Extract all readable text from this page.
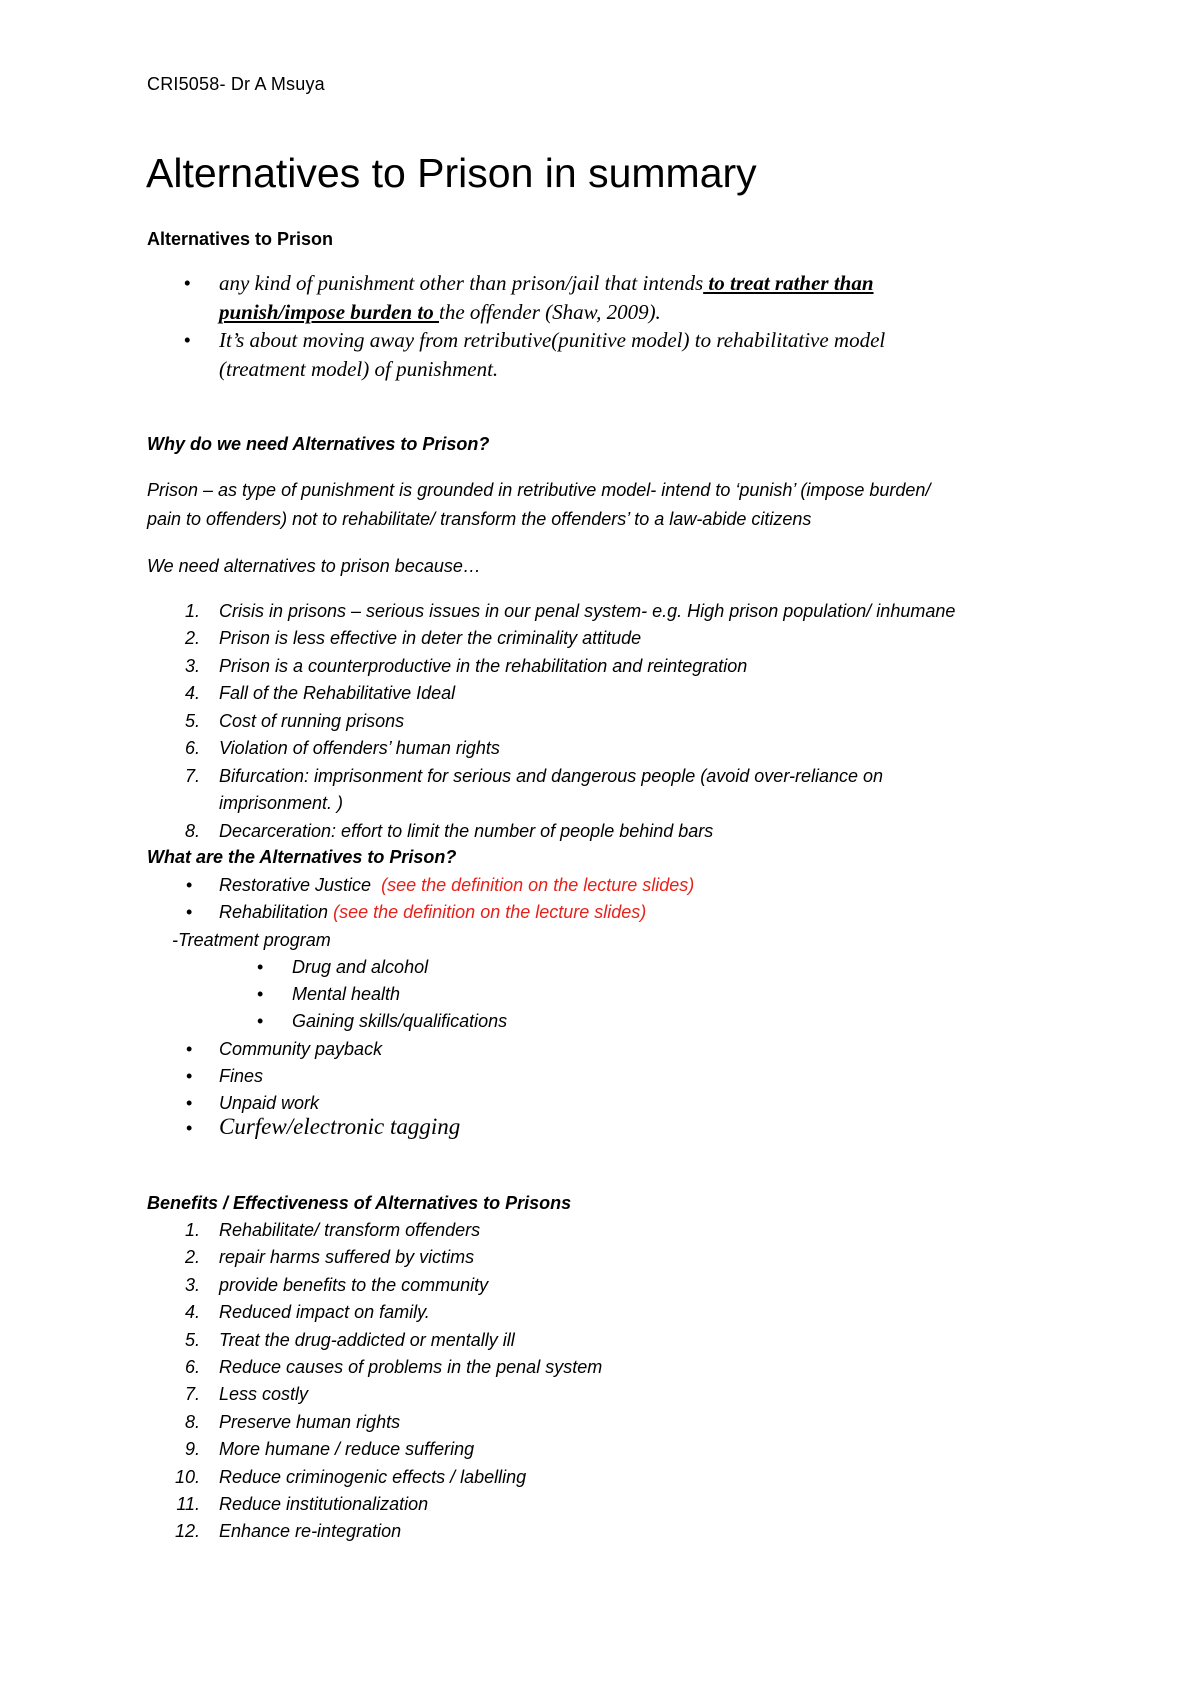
CRI5058- Dr A Msuya
Alternatives to Prison in summary
Alternatives to Prison
• any kind of punishment other than prison/jail that intends to treat rather than
punish/impose burden to the offender (Shaw, 2009).
• It’s about moving away from retributive(punitive model) to rehabilitative model
(treatment model) of punishment.
Why do we need Alternatives to Prison?
Prison – as type of punishment is grounded in retributive model- intend to ‘punish’ (impose burden/
pain to offenders) not to rehabilitate/ transform the offenders’ to a law-abide citizens
We need alternatives to prison because…
1. Crisis in prisons – serious issues in our penal system- e.g. High prison population/ inhumane
2. Prison is less effective in deter the criminality attitude
3. Prison is a counterproductive in the rehabilitation and reintegration
4. Fall of the Rehabilitative Ideal
5. Cost of running prisons
6. Violation of offenders’ human rights
7. Bifurcation: imprisonment for serious and dangerous people (avoid over-reliance on
8. Decarceration: effort to limit the number of people behind bars
imprisonment. )
What are the Alternatives to Prison?
• Restorative Justice (see the definition on the lecture slides)
• Rehabilitation (see the definition on the lecture slides)
-Treatment program
• Drug and alcohol
• Mental health
• Gaining skills/qualifications
• Community payback
• Fines
• Unpaid work
• Curfew/electronic tagging
Benefits / Effectiveness of Alternatives to Prisons
1. Rehabilitate/ transform offenders
2. repair harms suffered by victims
3. provide benefits to the community
4. Reduced impact on family.
5. Treat the drug-addicted or mentally ill
6. Reduce causes of problems in the penal system
7. Less costly
8. Preserve human rights
9. More humane / reduce suffering
10. Reduce criminogenic effects / labelling
11. Reduce institutionalization
12. Enhance re-integration
